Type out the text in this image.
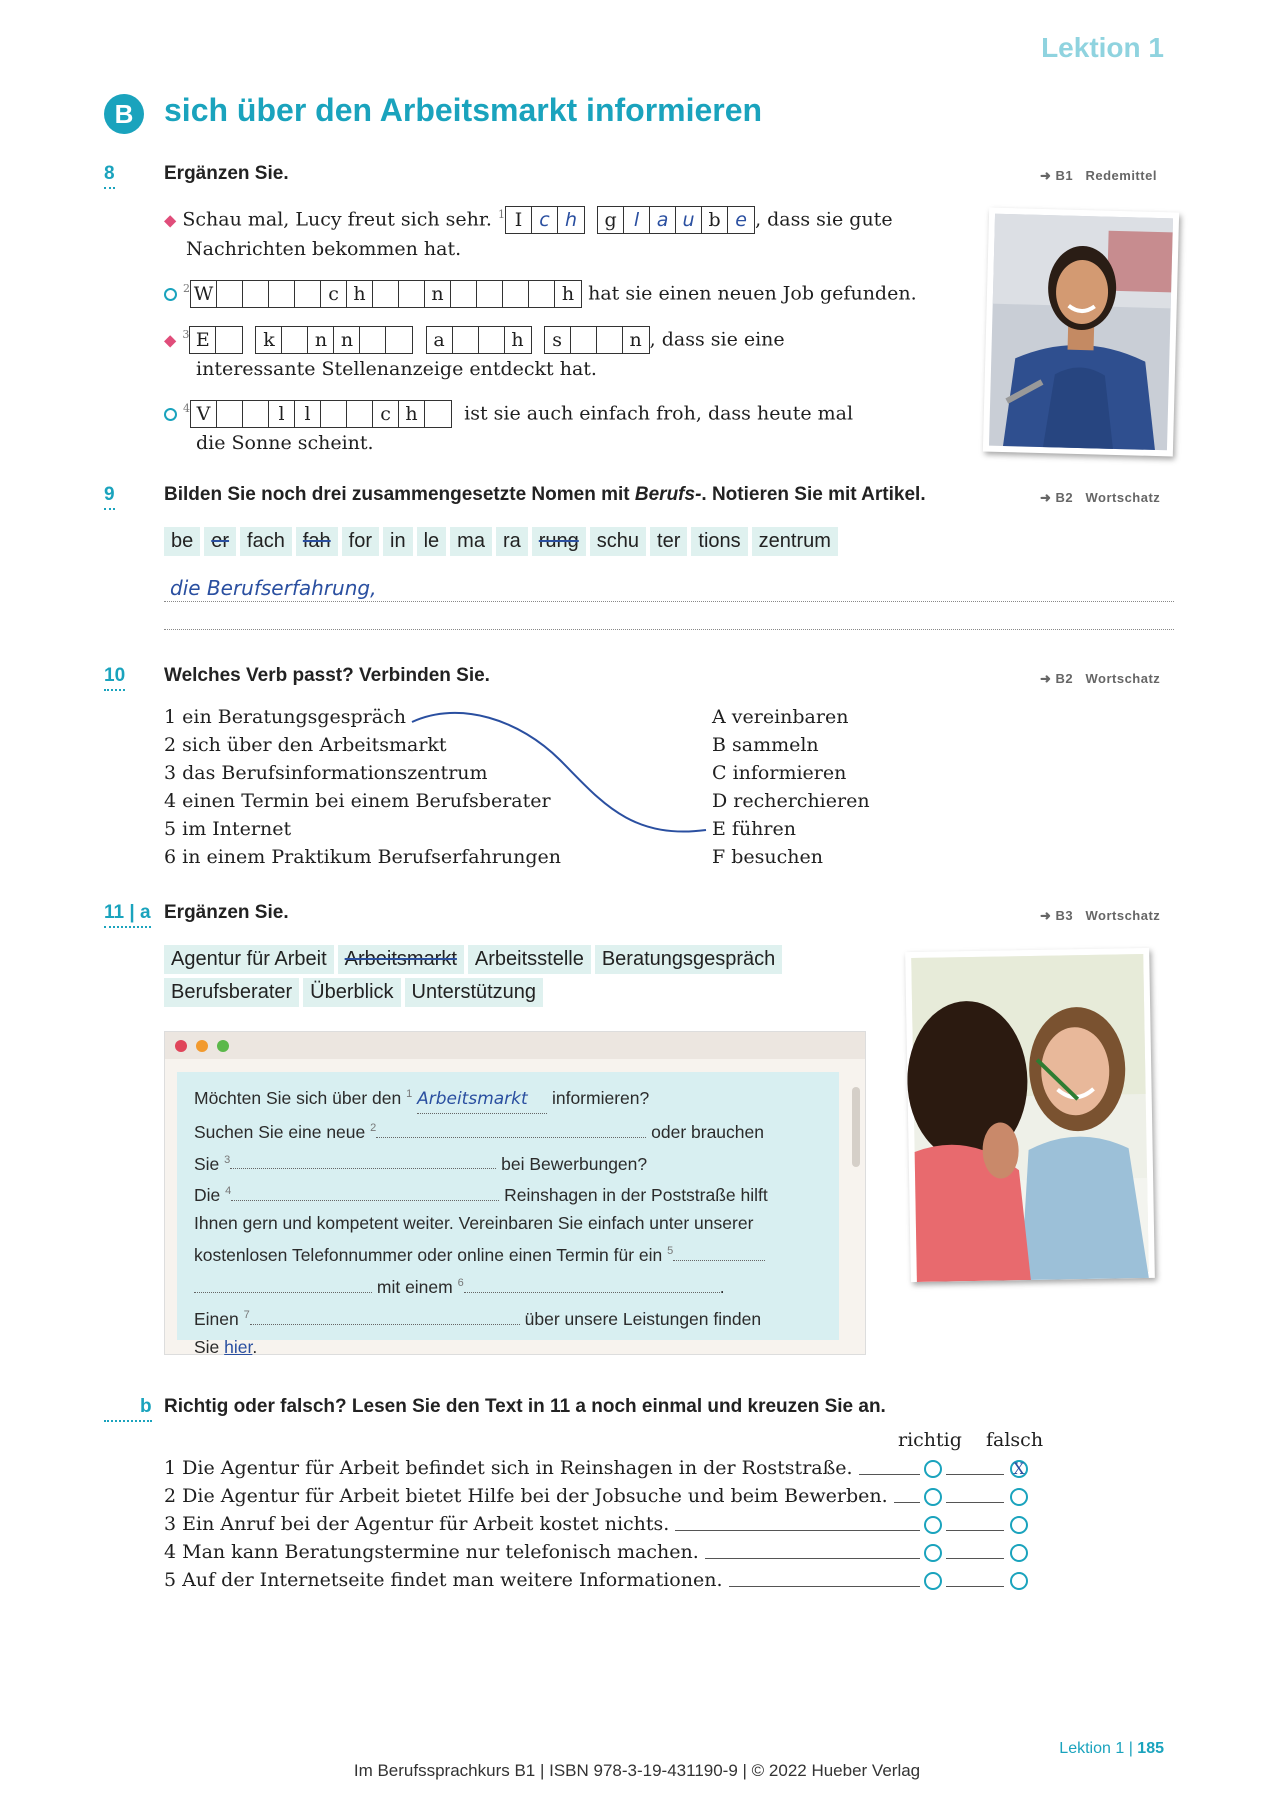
Lektion 1
B sich über den Arbeitsmarkt informieren
8	Ergänzen Sie.	➜ B1 Redemittel
◆ Schau mal, Lucy freut sich sehr. $^1$ I c h
	g l a u b e , dass sie gute
Nachrichten bekommen hat.
$^2$ W	c h	n	h hat sie einen neuen Job gefunden.
◆ $^3$ E
	k	n n
	a	h
	s	n , dass sie eine
interessante Stellenanzeige entdeckt hat.
$^4$ V	l	l	c h	ist sie auch einfach froh, dass heute mal
die Sonne scheint.
9	Bilden Sie noch drei zusammengesetzte Nomen mit Berufs-. Notieren Sie mit Artikel.	➜ B2 Wortschatz
be er fach fah for in le ma ra rung schu ter tions zentrum
die Berufserfahrung,
10 Welches Verb passt? Verbinden Sie.	➜ B2 Wortschatz
1 ein Beratungsgespräch
2 sich über den Arbeitsmarkt
3 das Berufsinformationszentrum
4 einen Termin bei einem Berufsberater
5 im Internet
6 in einem Praktikum Berufserfahrungen
A vereinbaren
B sammeln
C informieren
D recherchieren
E führen
F besuchen
11 | a Ergänzen Sie.	➜ B3 Wortschatz
Agentur für Arbeit Arbeitsmarkt Arbeitsstelle Beratungsgespräch
Berufsberater Überblick Unterstützung

Möchten Sie sich über den $^1$ Arbeitsmarkt informieren?
Suchen Sie eine neue $^2$	oder brauchen
Sie $^3$	bei Bewerbungen?
Die $^4$	Reinshagen in der Poststraße hilft
Ihnen gern und kompetent weiter. Vereinbaren Sie einfach unter unserer
kostenlosen Telefonnummer oder online einen Termin für ein $^5$
mit einem $^6$	.
Einen $^7$	über unsere Leistungen finden
Sie hier.
b Richtig oder falsch? Lesen Sie den Text in 11 a noch einmal und kreuzen Sie an.
richtig falsch
1 Die Agentur für Arbeit befindet sich in Reinshagen in der Roststraße.	X
2 Die Agentur für Arbeit bietet Hilfe bei der Jobsuche und beim Bewerben.
3 Ein Anruf bei der Agentur für Arbeit kostet nichts.
4 Man kann Beratungstermine nur telefonisch machen.
5 Auf der Internetseite findet man weitere Informationen.
Lektion 1 | 185
Im Berufssprachkurs B1 | ISBN 978-3-19-431190-9 | © 2022 Hueber Verlag
